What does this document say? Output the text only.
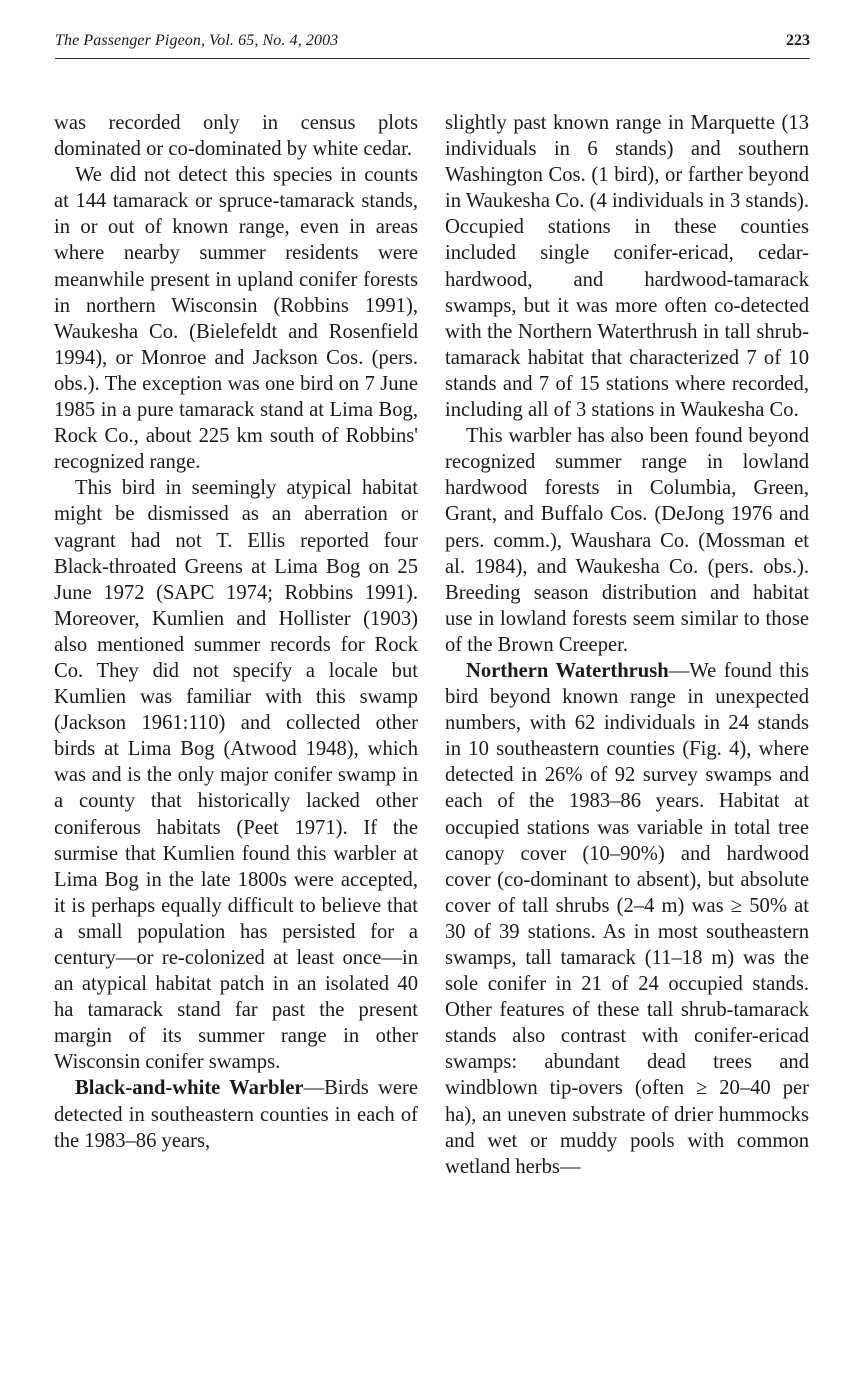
The Passenger Pigeon, Vol. 65, No. 4, 2003	223

was recorded only in census plots dominated or co-dominated by white cedar.

We did not detect this species in counts at 144 tamarack or spruce-tamarack stands, in or out of known range, even in areas where nearby summer residents were meanwhile present in upland conifer forests in northern Wisconsin (Robbins 1991), Waukesha Co. (Bielefeldt and Rosenfield 1994), or Monroe and Jackson Cos. (pers. obs.). The exception was one bird on 7 June 1985 in a pure tamarack stand at Lima Bog, Rock Co., about 225 km south of Robbins' recognized range.

This bird in seemingly atypical habitat might be dismissed as an aberration or vagrant had not T. Ellis reported four Black-throated Greens at Lima Bog on 25 June 1972 (SAPC 1974; Robbins 1991). Moreover, Kumlien and Hollister (1903) also mentioned summer records for Rock Co. They did not specify a locale but Kumlien was familiar with this swamp (Jackson 1961:110) and collected other birds at Lima Bog (Atwood 1948), which was and is the only major conifer swamp in a county that historically lacked other coniferous habitats (Peet 1971). If the surmise that Kumlien found this warbler at Lima Bog in the late 1800s were accepted, it is perhaps equally difficult to believe that a small population has persisted for a century—or re-colonized at least once—in an atypical habitat patch in an isolated 40 ha tamarack stand far past the present margin of its summer range in other Wisconsin conifer swamps.

Black-and-white Warbler—Birds were detected in southeastern counties in each of the 1983–86 years,

slightly past known range in Marquette (13 individuals in 6 stands) and southern Washington Cos. (1 bird), or farther beyond in Waukesha Co. (4 individuals in 3 stands). Occupied stations in these counties included single conifer-ericad, cedar-hardwood, and hardwood-tamarack swamps, but it was more often co-detected with the Northern Waterthrush in tall shrub-tamarack habitat that characterized 7 of 10 stands and 7 of 15 stations where recorded, including all of 3 stations in Waukesha Co.

This warbler has also been found beyond recognized summer range in lowland hardwood forests in Columbia, Green, Grant, and Buffalo Cos. (DeJong 1976 and pers. comm.), Waushara Co. (Mossman et al. 1984), and Waukesha Co. (pers. obs.). Breeding season distribution and habitat use in lowland forests seem similar to those of the Brown Creeper.

Northern Waterthrush—We found this bird beyond known range in unexpected numbers, with 62 individuals in 24 stands in 10 southeastern counties (Fig. 4), where detected in 26% of 92 survey swamps and each of the 1983–86 years. Habitat at occupied stations was variable in total tree canopy cover (10–90%) and hardwood cover (co-dominant to absent), but absolute cover of tall shrubs (2–4 m) was ≥ 50% at 30 of 39 stations. As in most southeastern swamps, tall tamarack (11–18 m) was the sole conifer in 21 of 24 occupied stands. Other features of these tall shrub-tamarack stands also contrast with conifer-ericad swamps: abundant dead trees and windblown tip-overs (often ≥ 20–40 per ha), an uneven substrate of drier hummocks and wet or muddy pools with common wetland herbs—
